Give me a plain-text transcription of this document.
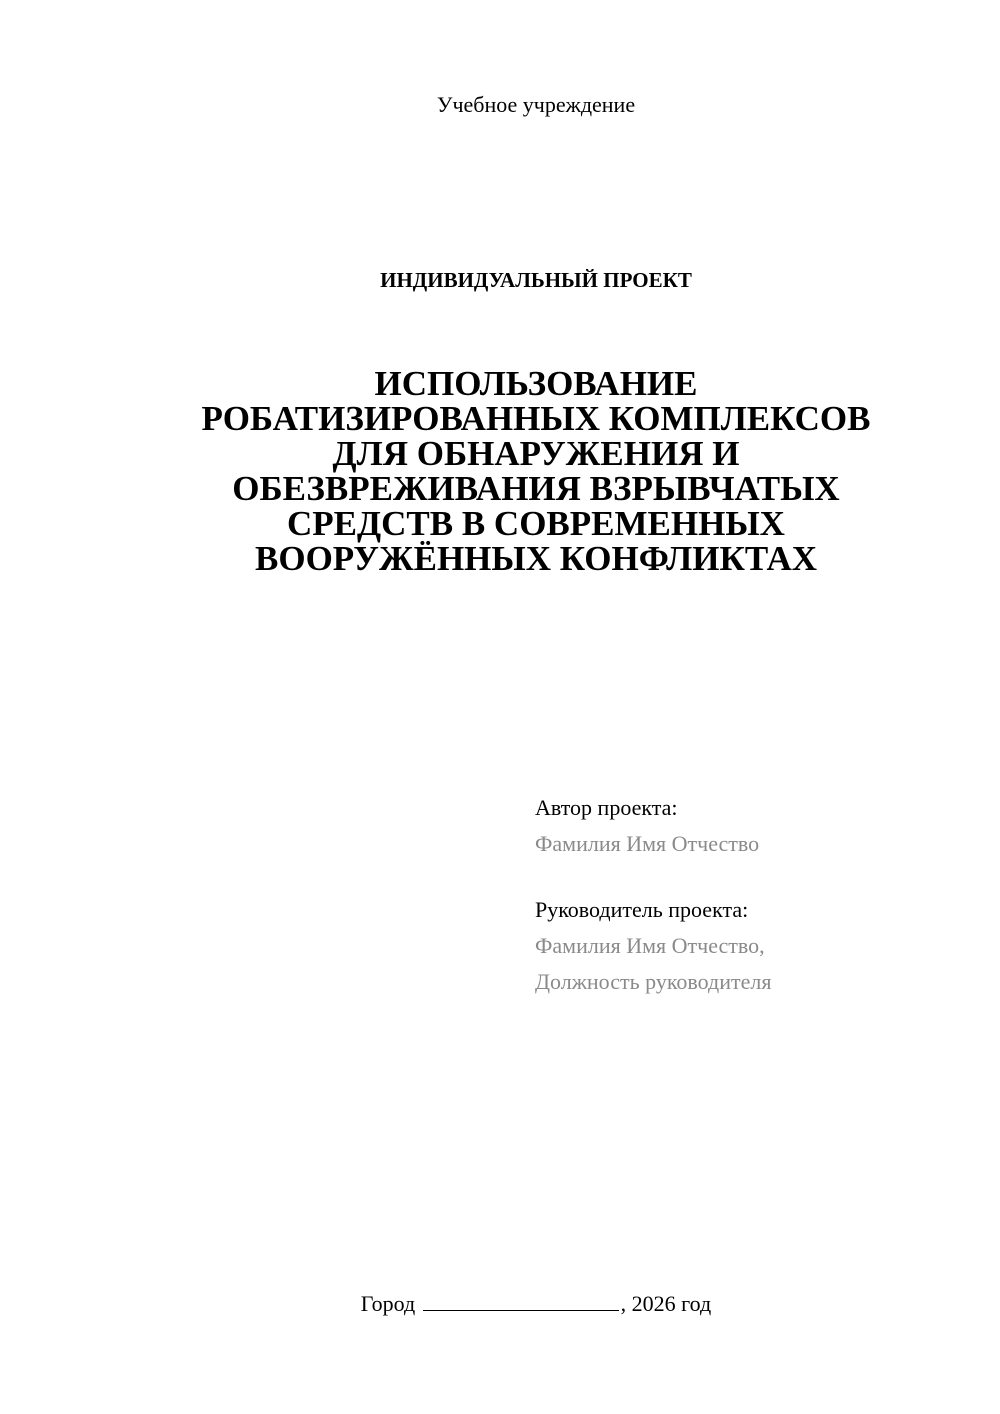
Учебное учреждение
ИНДИВИДУАЛЬНЫЙ ПРОЕКТ
ИСПОЛЬЗОВАНИЕ
РОБАТИЗИРОВАННЫХ КОМПЛЕКСОВ
ДЛЯ ОБНАРУЖЕНИЯ И
ОБЕЗВРЕЖИВАНИЯ ВЗРЫВЧАТЫХ
СРЕДСТВ В СОВРЕМЕННЫХ
ВООРУЖЁННЫХ КОНФЛИКТАХ
Автор проекта:
Фамилия Имя Отчество
Руководитель проекта:
Фамилия Имя Отчество,
Должность руководителя
Город	, 2026 год
